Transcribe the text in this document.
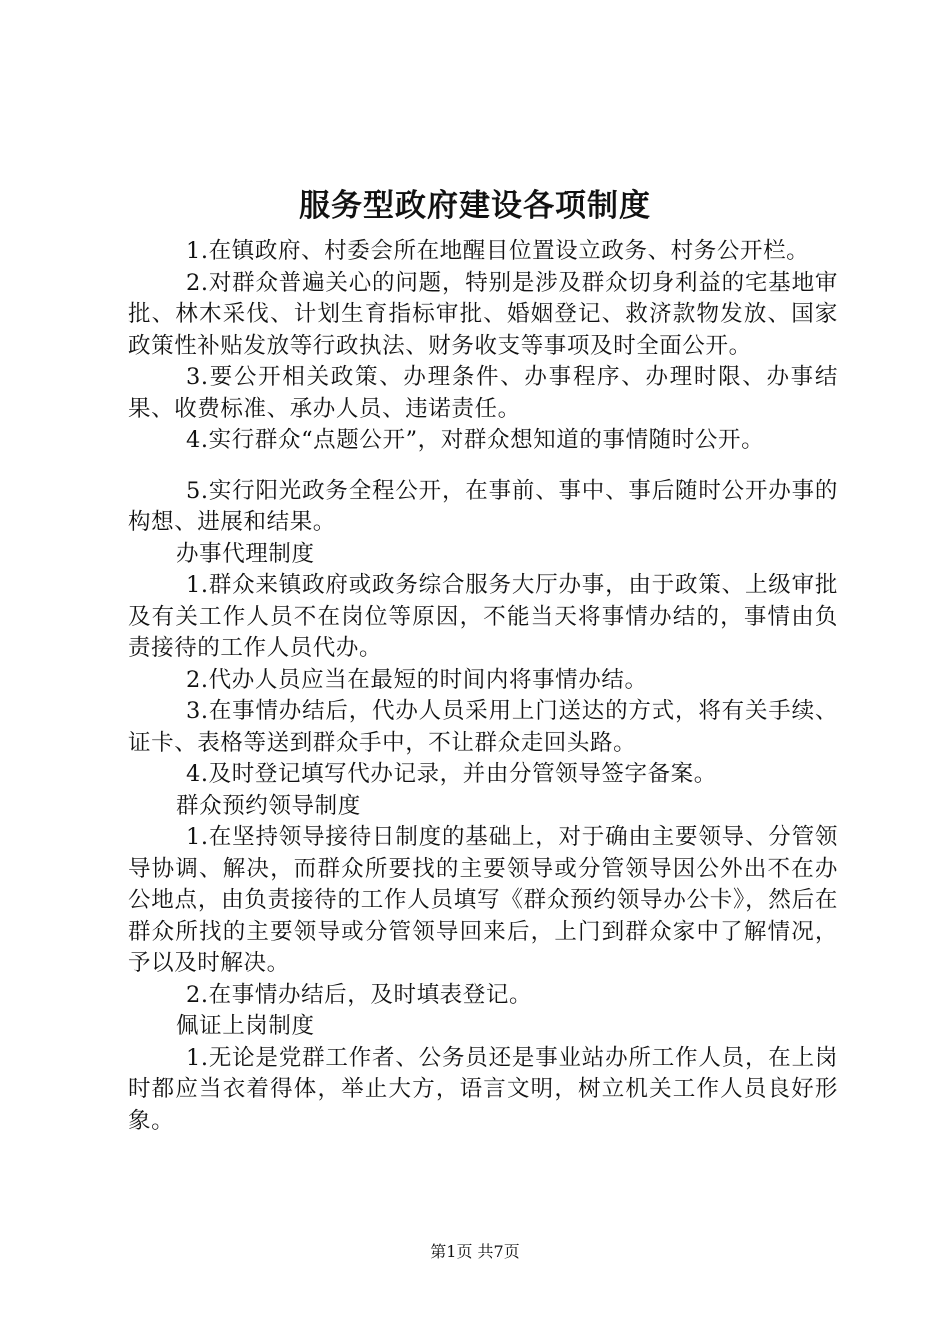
服务型政府建设各项制度

1.在镇政府、村委会所在地醒目位置设立政务、村务公开栏。

2.对群众普遍关心的问题，特别是涉及群众切身利益的宅基地审批、林木采伐、计划生育指标审批、婚姻登记、救济款物发放、国家政策性补贴发放等行政执法、财务收支等事项及时全面公开。

3.要公开相关政策、办理条件、办事程序、办理时限、办事结果、收费标准、承办人员、违诺责任。

4.实行群众“点题公开”，对群众想知道的事情随时公开。

5.实行阳光政务全程公开，在事前、事中、事后随时公开办事的构想、进展和结果。

办事代理制度

1.群众来镇政府或政务综合服务大厅办事，由于政策、上级审批及有关工作人员不在岗位等原因，不能当天将事情办结的，事情由负责接待的工作人员代办。

2.代办人员应当在最短的时间内将事情办结。

3.在事情办结后，代办人员采用上门送达的方式，将有关手续、证卡、表格等送到群众手中，不让群众走回头路。

4.及时登记填写代办记录，并由分管领导签字备案。

群众预约领导制度

1.在坚持领导接待日制度的基础上，对于确由主要领导、分管领导协调、解决，而群众所要找的主要领导或分管领导因公外出不在办公地点，由负责接待的工作人员填写《群众预约领导办公卡》，然后在群众所找的主要领导或分管领导回来后，上门到群众家中了解情况，予以及时解决。

2.在事情办结后，及时填表登记。

佩证上岗制度

1.无论是党群工作者、公务员还是事业站办所工作人员，在上岗时都应当衣着得体，举止大方，语言文明，树立机关工作人员良好形象。

第1页 共7页
